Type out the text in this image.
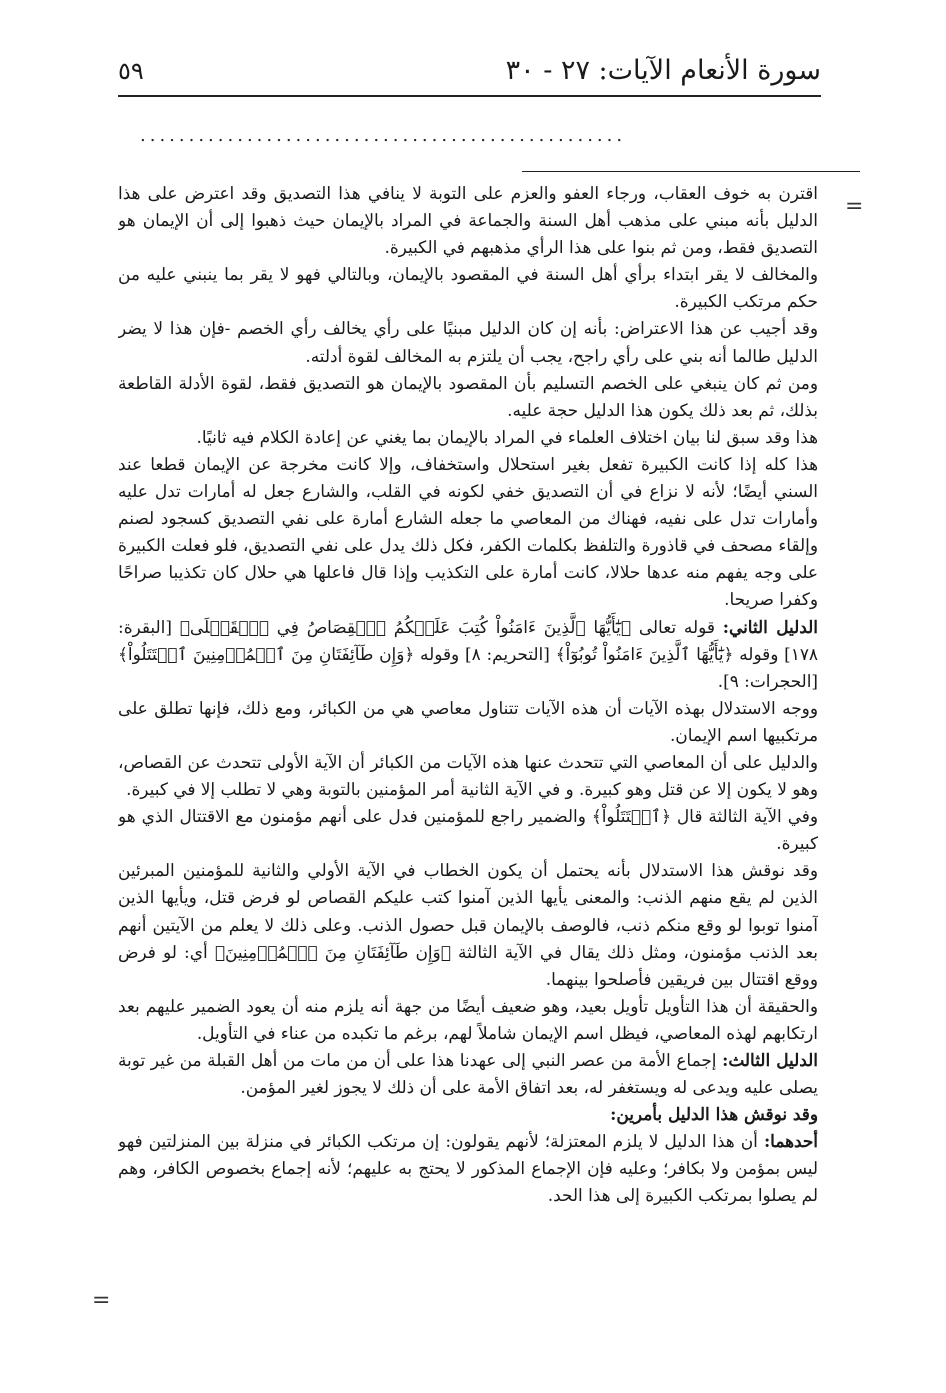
سورة الأنعام الآيات: ٢٧ - ٣٠
٥٩
..................................................
=
=

اقترن به خوف العقاب، ورجاء العفو والعزم على التوبة لا ينافي هذا التصديق وقد اعترض على هذا الدليل بأنه مبني على مذهب أهل السنة والجماعة في المراد بالإيمان حيث ذهبوا إلى أن الإيمان هو التصديق فقط، ومن ثم بنوا على هذا الرأي مذهبهم في الكبيرة.

والمخالف لا يقر ابتداء برأي أهل السنة في المقصود بالإيمان، وبالتالي فهو لا يقر بما ينبني عليه من حكم مرتكب الكبيرة.

وقد أجيب عن هذا الاعتراض: بأنه إن كان الدليل مبنيًا على رأي يخالف رأي الخصم -فإن هذا لا يضر الدليل طالما أنه بني على رأي راجح، يجب أن يلتزم به المخالف لقوة أدلته.

ومن ثم كان ينبغي على الخصم التسليم بأن المقصود بالإيمان هو التصديق فقط، لقوة الأدلة القاطعة بذلك، ثم بعد ذلك يكون هذا الدليل حجة عليه.

هذا وقد سبق لنا بيان اختلاف العلماء في المراد بالإيمان بما يغني عن إعادة الكلام فيه ثانيًا.

هذا كله إذا كانت الكبيرة تفعل بغير استحلال واستخفاف، وإلا كانت مخرجة عن الإيمان قطعا عند السني أيضًا؛ لأنه لا نزاع في أن التصديق خفي لكونه في القلب، والشارع جعل له أمارات تدل عليه وأمارات تدل على نفيه، فهناك من المعاصي ما جعله الشارع أمارة على نفي التصديق كسجود لصنم وإلقاء مصحف في قاذورة والتلفظ بكلمات الكفر، فكل ذلك يدل على نفي التصديق، فلو فعلت الكبيرة على وجه يفهم منه عدها حلالا، كانت أمارة على التكذيب وإذا قال فاعلها هي حلال كان تكذيبا صراحًا وكفرا صريحا.

الدليل الثاني: قوله تعالى ﴿يَٰٓأَيُّهَا ٱلَّذِينَ ءَامَنُواْ كُتِبَ عَلَيۡكُمُ ٱلۡقِصَاصُ فِي ٱلۡقَتۡلَى﴾ [البقرة: ١٧٨] وقوله ﴿يَٰٓأَيُّهَا ٱلَّذِينَ ءَامَنُواْ تُوبُوٓاْ﴾ [التحريم: ٨] وقوله ﴿وَإِن طَآئِفَتَانِ مِنَ ٱلۡمُؤۡمِنِينَ ٱقۡتَتَلُواْ﴾ [الحجرات: ٩].

ووجه الاستدلال بهذه الآيات أن هذه الآيات تتناول معاصي هي من الكبائر، ومع ذلك، فإنها تطلق على مرتكبيها اسم الإيمان.

والدليل على أن المعاصي التي تتحدث عنها هذه الآيات من الكبائر أن الآية الأولى تتحدث عن القصاص، وهو لا يكون إلا عن قتل وهو كبيرة. و في الآية الثانية أمر المؤمنين بالتوبة وهي لا تطلب إلا في كبيرة.

وفي الآية الثالثة قال ﴿ٱقۡتَتَلُواْ﴾ والضمير راجع للمؤمنين فدل على أنهم مؤمنون مع الاقتتال الذي هو كبيرة.

وقد نوقش هذا الاستدلال بأنه يحتمل أن يكون الخطاب في الآية الأولي والثانية للمؤمنين المبرئين الذين لم يقع منهم الذنب: والمعنى يأيها الذين آمنوا كتب عليكم القصاص لو فرض قتل، ويأيها الذين آمنوا توبوا لو وقع منكم ذنب، فالوصف بالإيمان قبل حصول الذنب. وعلى ذلك لا يعلم من الآيتين أنهم بعد الذنب مؤمنون، ومثل ذلك يقال في الآية الثالثة ﴿وَإِن طَآئِفَتَانِ مِنَ ٱلۡمُؤۡمِنِينَ﴾ أي: لو فرض ووقع اقتتال بين فريقين فأصلحوا بينهما.

والحقيقة أن هذا التأويل تأويل بعيد، وهو ضعيف أيضًا من جهة أنه يلزم منه أن يعود الضمير عليهم بعد ارتكابهم لهذه المعاصي، فيظل اسم الإيمان شاملاً لهم، برغم ما تكبده من عناء في التأويل.

الدليل الثالث: إجماع الأمة من عصر النبي إلى عهدنا هذا على أن من مات من أهل القبلة من غير توبة يصلى عليه ويدعى له ويستغفر له، بعد اتفاق الأمة على أن ذلك لا يجوز لغير المؤمن.

وقد نوقش هذا الدليل بأمرين:

أحدهما: أن هذا الدليل لا يلزم المعتزلة؛ لأنهم يقولون: إن مرتكب الكبائر في منزلة بين المنزلتين فهو ليس بمؤمن ولا بكافر؛ وعليه فإن الإجماع المذكور لا يحتج به عليهم؛ لأنه إجماع بخصوص الكافر، وهم لم يصلوا بمرتكب الكبيرة إلى هذا الحد.
